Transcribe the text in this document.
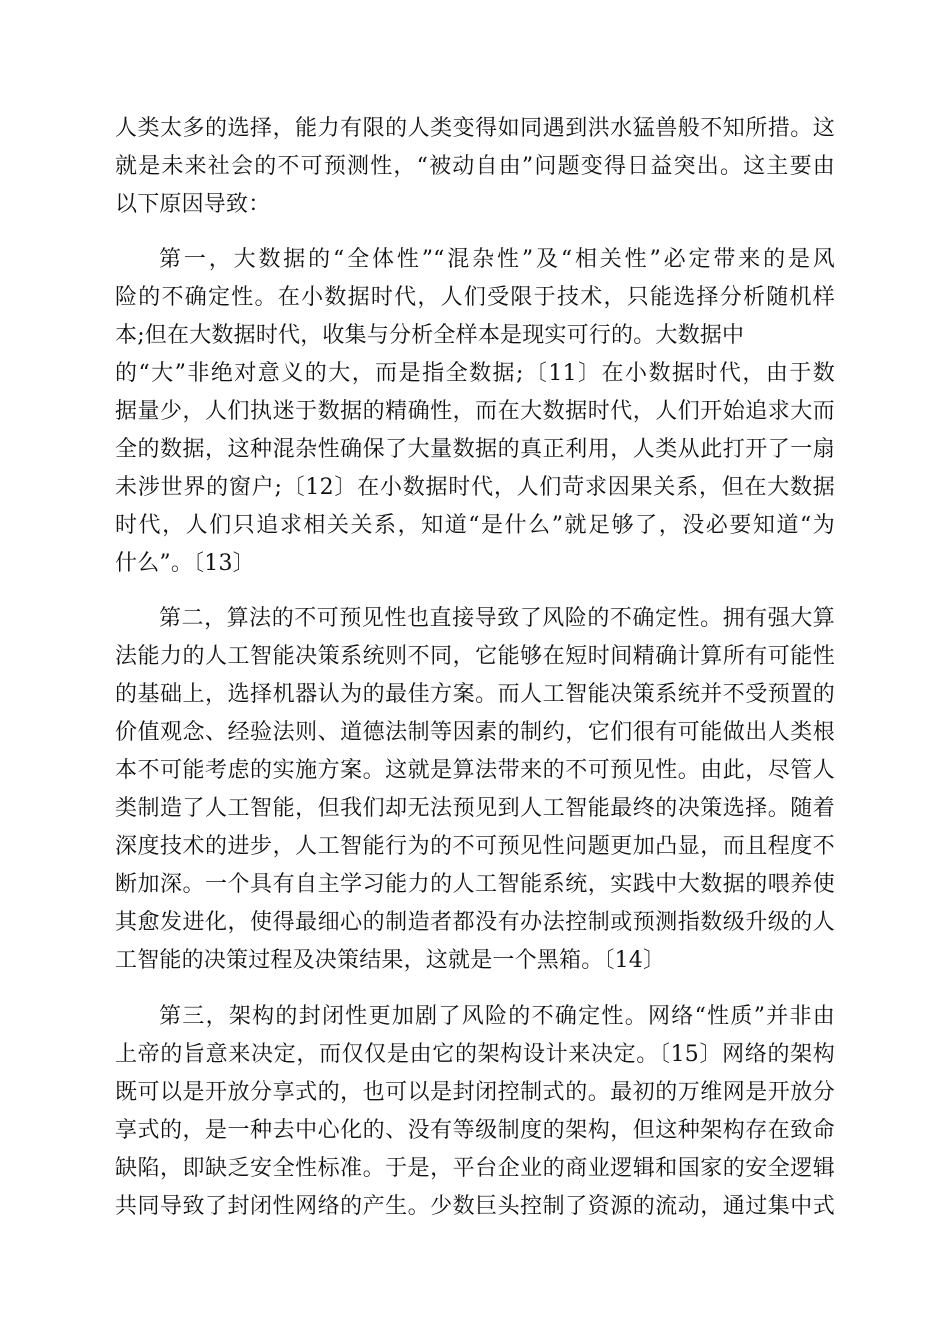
人类太多的选择，能力有限的人类变得如同遇到洪水猛兽般不知所措。这
就是未来社会的不可预测性，“被动自由”问题变得日益突出。这主要由
以下原因导致：
第一，大数据的“全体性”“混杂性”及“相关性”必定带来的是风
险的不确定性。在小数据时代，人们受限于技术，只能选择分析随机样
本;但在大数据时代，收集与分析全样本是现实可行的。大数据中
的“大”非绝对意义的大，而是指全数据;〔11〕在小数据时代，由于数
据量少，人们执迷于数据的精确性，而在大数据时代，人们开始追求大而
全的数据，这种混杂性确保了大量数据的真正利用，人类从此打开了一扇
未涉世界的窗户;〔12〕在小数据时代，人们苛求因果关系，但在大数据
时代，人们只追求相关关系，知道“是什么”就足够了，没必要知道“为
什么”。〔13〕
第二，算法的不可预见性也直接导致了风险的不确定性。拥有强大算
法能力的人工智能决策系统则不同，它能够在短时间精确计算所有可能性
的基础上，选择机器认为的最佳方案。而人工智能决策系统并不受预置的
价值观念、经验法则、道德法制等因素的制约，它们很有可能做出人类根
本不可能考虑的实施方案。这就是算法带来的不可预见性。由此，尽管人
类制造了人工智能，但我们却无法预见到人工智能最终的决策选择。随着
深度技术的进步，人工智能行为的不可预见性问题更加凸显，而且程度不
断加深。一个具有自主学习能力的人工智能系统，实践中大数据的喂养使
其愈发进化，使得最细心的制造者都没有办法控制或预测指数级升级的人
工智能的决策过程及决策结果，这就是一个黑箱。〔14〕
第三，架构的封闭性更加剧了风险的不确定性。网络“性质”并非由
上帝的旨意来决定，而仅仅是由它的架构设计来决定。〔15〕网络的架构
既可以是开放分享式的，也可以是封闭控制式的。最初的万维网是开放分
享式的，是一种去中心化的、没有等级制度的架构，但这种架构存在致命
缺陷，即缺乏安全性标准。于是，平台企业的商业逻辑和国家的安全逻辑
共同导致了封闭性网络的产生。少数巨头控制了资源的流动，通过集中式
